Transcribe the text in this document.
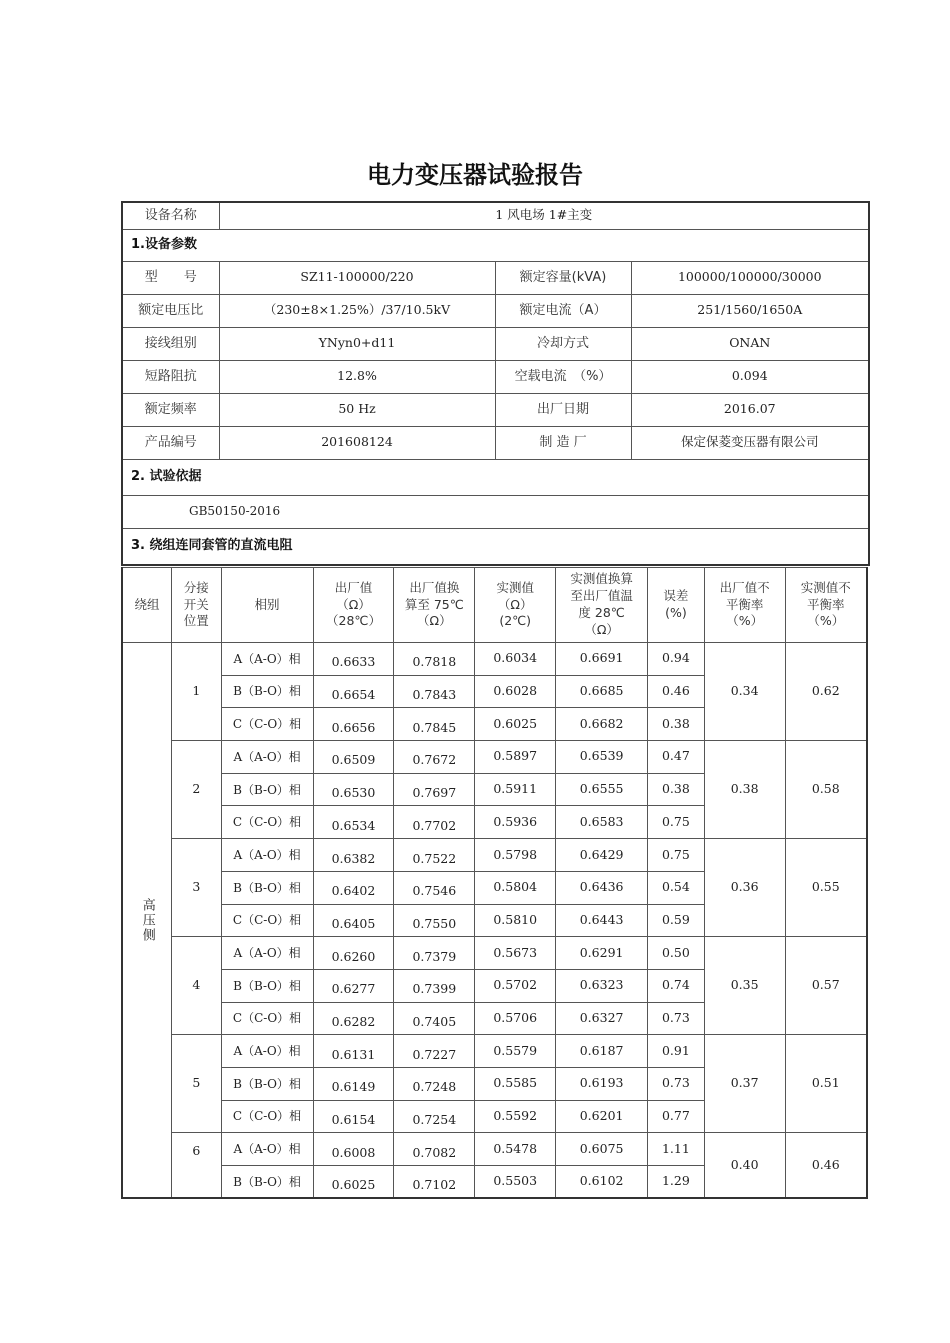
电力变压器试验报告
设备名称	1 风电场 1#主变		
1.设备参数			
型　　号	SZ11-100000/220	额定容量(kVA)	100000/100000/30000
额定电压比	（230±8×1.25%）/37/10.5kV	额定电流（A）	251/1560/1650A
接线组别	YNyn0+d11	冷却方式	ONAN
短路阻抗	12.8%	空载电流　（%）	0.094
额定频率	50 Hz	出厂日期	2016.07
产品编号	201608124	制 造 厂	保定保菱变压器有限公司
2. 试验依据			
GB50150-2016			
3. 绕组连同套管的直流电阻			
绕组	分接
开关
位置	相别	出厂值
（Ω）
（28℃）	出厂值换
算至 75℃
（Ω）	实测值
（Ω）
(2℃)	实测值换算
至出厂值温
度 28℃
（Ω）	误差
(%)	出厂值不
平衡率
（%）	实测值不
平衡率
（%）
高压侧	1	A（A-O）相	0.6633	0.7818	0.6034	0.6691	0.94	0.34	0.62
		B（B-O）相	0.6654	0.7843	0.6028	0.6685	0.46		
		C（C-O）相	0.6656	0.7845	0.6025	0.6682	0.38		
	2	A（A-O）相	0.6509	0.7672	0.5897	0.6539	0.47	0.38	0.58
		B（B-O）相	0.6530	0.7697	0.5911	0.6555	0.38		
		C（C-O）相	0.6534	0.7702	0.5936	0.6583	0.75		
	3	A（A-O）相	0.6382	0.7522	0.5798	0.6429	0.75	0.36	0.55
		B（B-O）相	0.6402	0.7546	0.5804	0.6436	0.54		
		C（C-O）相	0.6405	0.7550	0.5810	0.6443	0.59		
	4	A（A-O）相	0.6260	0.7379	0.5673	0.6291	0.50	0.35	0.57
		B（B-O）相	0.6277	0.7399	0.5702	0.6323	0.74		
		C（C-O）相	0.6282	0.7405	0.5706	0.6327	0.73		
	5	A（A-O）相	0.6131	0.7227	0.5579	0.6187	0.91	0.37	0.51
		B（B-O）相	0.6149	0.7248	0.5585	0.6193	0.73		
		C（C-O）相	0.6154	0.7254	0.5592	0.6201	0.77		
	6	A（A-O）相	0.6008	0.7082	0.5478	0.6075	1.11	0.40	0.46
		B（B-O）相	0.6025	0.7102	0.5503	0.6102	1.29		
